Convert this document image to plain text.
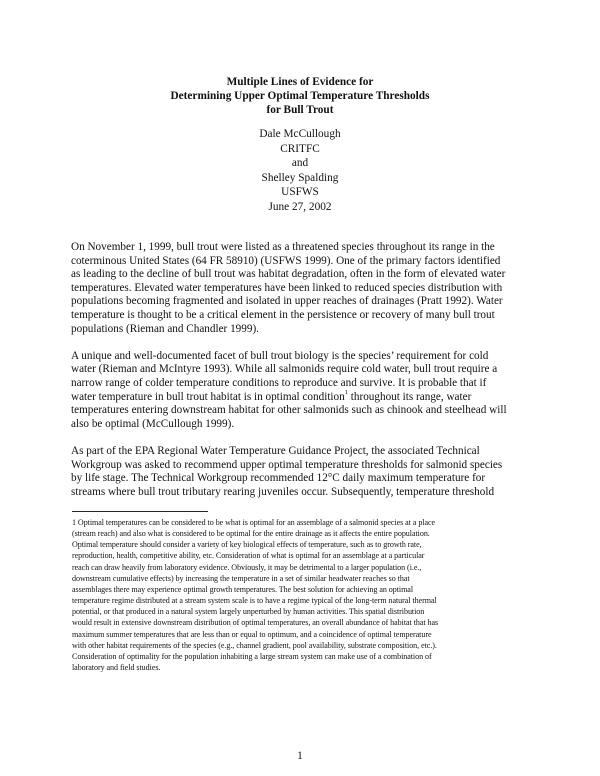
Multiple Lines of Evidence for
Determining Upper Optimal Temperature Thresholds
for Bull Trout
Dale McCullough
CRITFC
and
Shelley Spalding
USFWS
June 27, 2002
On November 1, 1999, bull trout were listed as a threatened species throughout its range in the
coterminous United States (64 FR 58910) (USFWS 1999). One of the primary factors identified
as leading to the decline of bull trout was habitat degradation, often in the form of elevated water
temperatures. Elevated water temperatures have been linked to reduced species distribution with
populations becoming fragmented and isolated in upper reaches of drainages (Pratt 1992). Water
temperature is thought to be a critical element in the persistence or recovery of many bull trout
populations (Rieman and Chandler 1999).
A unique and well-documented facet of bull trout biology is the species’ requirement for cold
water (Rieman and McIntyre 1993). While all salmonids require cold water, bull trout require a
narrow range of colder temperature conditions to reproduce and survive. It is probable that if
water temperature in bull trout habitat is in optimal condition$^1$ throughout its range, water
temperatures entering downstream habitat for other salmonids such as chinook and steelhead will
also be optimal (McCullough 1999).
As part of the EPA Regional Water Temperature Guidance Project, the associated Technical
Workgroup was asked to recommend upper optimal temperature thresholds for salmonid species
by life stage. The Technical Workgroup recommended 12°C daily maximum temperature for
streams where bull trout tributary rearing juveniles occur. Subsequently, temperature threshold
1 Optimal temperatures can be considered to be what is optimal for an assemblage of a salmonid species at a place
(stream reach) and also what is considered to be optimal for the entire drainage as it affects the entire population.
Optimal temperature should consider a variety of key biological effects of temperature, such as to growth rate,
reproduction, health, competitive ability, etc. Consideration of what is optimal for an assemblage at a particular
reach can draw heavily from laboratory evidence. Obviously, it may be detrimental to a larger population (i.e.,
downstream cumulative effects) by increasing the temperature in a set of similar headwater reaches so that
assemblages there may experience optimal growth temperatures. The best solution for achieving an optimal
temperature regime distributed at a stream system scale is to have a regime typical of the long-term natural thermal
potential, or that produced in a natural system largely unperturbed by human activities. This spatial distribution
would result in extensive downstream distribution of optimal temperatures, an overall abundance of habitat that has
maximum summer temperatures that are less than or equal to optimum, and a coincidence of optimal temperature
with other habitat requirements of the species (e.g., channel gradient, pool availability, substrate composition, etc.).
Consideration of optimality for the population inhabiting a large stream system can make use of a combination of
laboratory and field studies.
1
